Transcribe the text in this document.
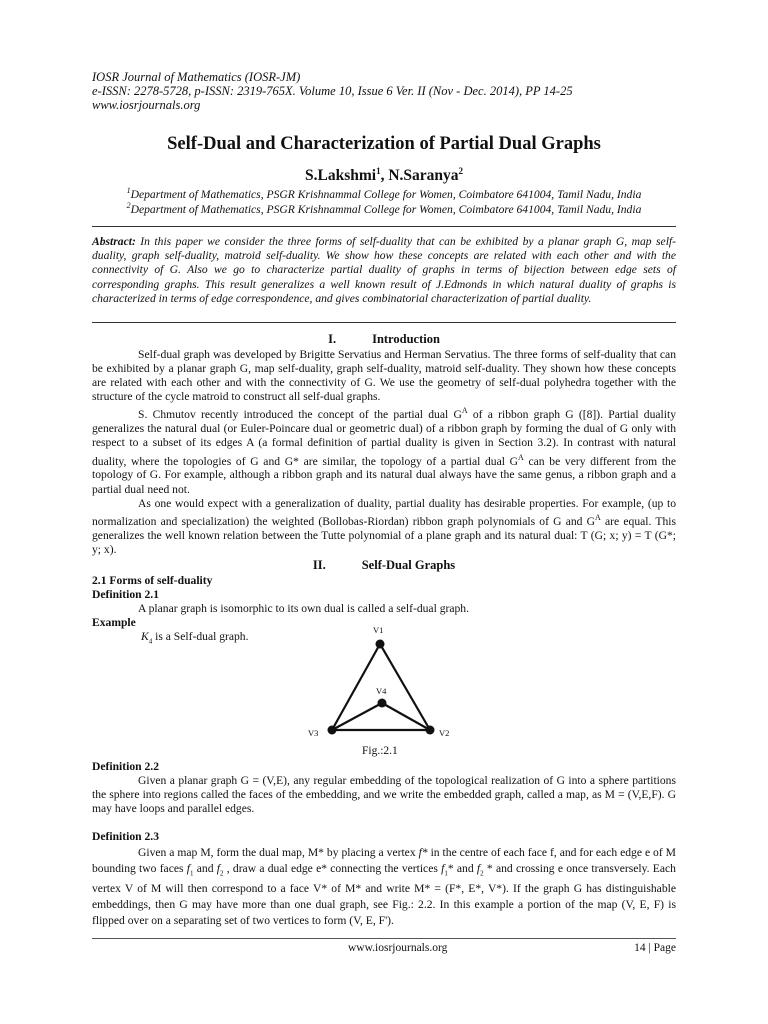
IOSR Journal of Mathematics (IOSR-JM)
e-ISSN: 2278-5728, p-ISSN: 2319-765X. Volume 10, Issue 6 Ver. II (Nov - Dec. 2014), PP 14-25
www.iosrjournals.org
Self-Dual and Characterization of Partial Dual Graphs
S.Lakshmi$^1$, N.Saranya$^2$
$^1$Department of Mathematics, PSGR Krishnammal College for Women, Coimbatore 641004, Tamil Nadu, India
$^2$Department of Mathematics, PSGR Krishnammal College for Women, Coimbatore 641004, Tamil Nadu, India
Abstract: In this paper we consider the three forms of self-duality that can be exhibited by a planar graph G, map self-duality, graph self-duality, matroid self-duality. We show how these concepts are related with each other and with the connectivity of G. Also we go to characterize partial duality of graphs in terms of bijection between edge sets of corresponding graphs. This result generalizes a well known result of J.Edmonds in which natural duality of graphs is characterized in terms of edge correspondence, and gives combinatorial characterization of partial duality.
I.	Introduction

Self-dual graph was developed by Brigitte Servatius and Herman Servatius. The three forms of self-duality that can be exhibited by a planar graph G, map self-duality, graph self-duality, matroid self-duality. They shown how these concepts are related with each other and with the connectivity of G. We use the geometry of self-dual polyhedra together with the structure of the cycle matroid to construct all self-dual graphs.

S. Chmutov recently introduced the concept of the partial dual $G^A$ of a ribbon graph G ([8]). Partial duality generalizes the natural dual (or Euler-Poincare dual or geometric dual) of a ribbon graph by forming the dual of G only with respect to a subset of its edges A (a formal definition of partial duality is given in Section 3.2). In contrast with natural duality, where the topologies of G and G* are similar, the topology of a partial dual $G^A$ can be very different from the topology of G. For example, although a ribbon graph and its natural dual always have the same genus, a ribbon graph and a partial dual need not.

As one would expect with a generalization of duality, partial duality has desirable properties. For example, (up to normalization and specialization) the weighted (Bollobas-Riordan) ribbon graph polynomials of G and $G^A$ are equal. This generalizes the well known relation between the Tutte polynomial of a plane graph and its natural dual: T (G; x; y) = T (G*; y; x).

II.	Self-Dual Graphs

2.1 Forms of self-duality

Definition 2.1

A planar graph is isomorphic to its own dual is called a self-dual graph.

Example

$K_4$ is a Self-dual graph.	V1
V2
V3
V4
Fig.:2.1

Definition 2.2

Given a planar graph G = (V,E), any regular embedding of the topological realization of G into a sphere partitions the sphere into regions called the faces of the embedding, and we write the embedded graph, called a map, as M = (V,E,F). G may have loops and parallel edges.

Definition 2.3

Given a map M, form the dual map, M* by placing a vertex f* in the centre of each face f, and for each edge e of M bounding two faces $f_1$ and $f_2$ , draw a dual edge e* connecting the vertices $f_1*$ and $f_2$ * and crossing e once transversely. Each vertex V of M will then correspond to a face V* of M* and write M* = (F*, E*, V*). If the graph G has distinguishable embeddings, then G may have more than one dual graph, see Fig.: 2.2. In this example a portion of the map (V, E, F) is flipped over on a separating set of two vertices to form (V, E, F').

www.iosrjournals.org	14 | Page
